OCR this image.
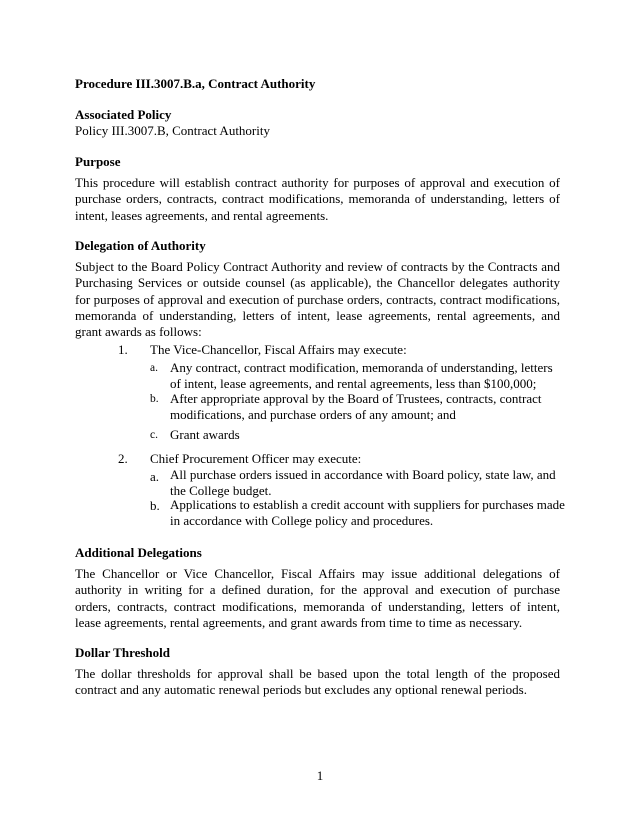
Procedure III.3007.B.a, Contract Authority
Associated Policy

Policy III.3007.B, Contract Authority

Purpose

This procedure will establish contract authority for purposes of approval and execution of purchase orders, contracts, contract modifications, memoranda of understanding, letters of intent, leases agreements, and rental agreements.

Delegation of Authority

Subject to the Board Policy Contract Authority and review of contracts by the Contracts and Purchasing Services or outside counsel (as applicable), the Chancellor delegates authority for purposes of approval and execution of purchase orders, contracts, contract modifications, memoranda of understanding, letters of intent, lease agreements, rental agreements, and grant awards as follows:

1. The Vice-Chancellor, Fiscal Affairs may execute:
a. Any contract, contract modification, memoranda of understanding, letters of intent, lease agreements, and rental agreements, less than $100,000;
b. After appropriate approval by the Board of Trustees, contracts, contract modifications, and purchase orders of any amount; and
c. Grant awards
2. Chief Procurement Officer may execute:
a. All purchase orders issued in accordance with Board policy, state law, and the College budget.
b. Applications to establish a credit account with suppliers for purchases made in accordance with College policy and procedures.
Additional Delegations

The Chancellor or Vice Chancellor, Fiscal Affairs may issue additional delegations of authority in writing for a defined duration, for the approval and execution of purchase orders, contracts, contract modifications, memoranda of understanding, letters of intent, lease agreements, rental agreements, and grant awards from time to time as necessary.

Dollar Threshold

The dollar thresholds for approval shall be based upon the total length of the proposed contract and any automatic renewal periods but excludes any optional renewal periods.

1
